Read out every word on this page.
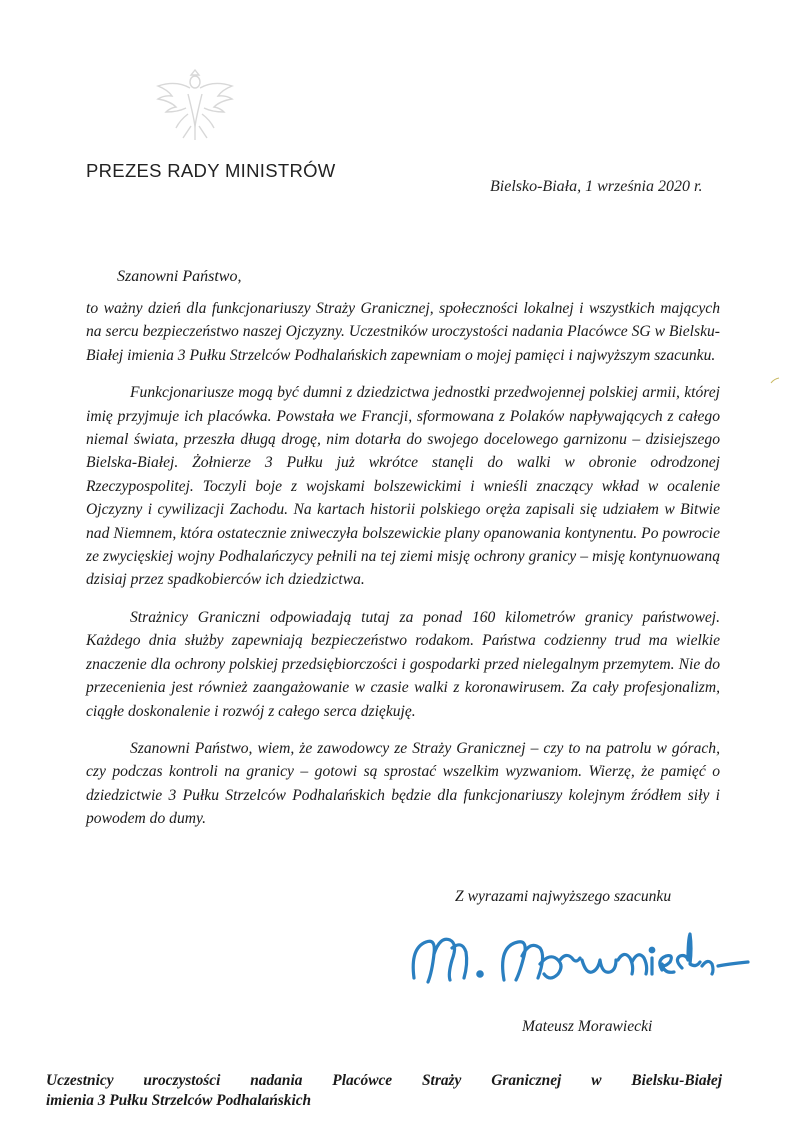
PREZES RADY MINISTRÓW
Bielsko-Biała, 1 września 2020 r.
Szanowni Państwo,

to ważny dzień dla funkcjonariuszy Straży Granicznej, społeczności lokalnej i wszystkich mających na sercu bezpieczeństwo naszej Ojczyzny. Uczestników uroczystości nadania Placówce SG w Bielsku-Białej imienia 3 Pułku Strzelców Podhalańskich zapewniam o mojej pamięci i najwyższym szacunku.

Funkcjonariusze mogą być dumni z dziedzictwa jednostki przedwojennej polskiej armii, której imię przyjmuje ich placówka. Powstała we Francji, sformowana z Polaków napływających z całego niemal świata, przeszła długą drogę, nim dotarła do swojego docelowego garnizonu – dzisiejszego Bielska-Białej. Żołnierze 3 Pułku już wkrótce stanęli do walki w obronie odrodzonej Rzeczypospolitej. Toczyli boje z wojskami bolszewickimi i wnieśli znaczący wkład w ocalenie Ojczyzny i cywilizacji Zachodu. Na kartach historii polskiego oręża zapisali się udziałem w Bitwie nad Niemnem, która ostatecznie zniweczyła bolszewickie plany opanowania kontynentu. Po powrocie ze zwycięskiej wojny Podhalańczycy pełnili na tej ziemi misję ochrony granicy – misję kontynuowaną dzisiaj przez spadkobierców ich dziedzictwa.

Strażnicy Graniczni odpowiadają tutaj za ponad 160 kilometrów granicy państwowej. Każdego dnia służby zapewniają bezpieczeństwo rodakom. Państwa codzienny trud ma wielkie znaczenie dla ochrony polskiej przedsiębiorczości i gospodarki przed nielegalnym przemytem. Nie do przecenienia jest również zaangażowanie w czasie walki z koronawirusem. Za cały profesjonalizm, ciągłe doskonalenie i rozwój z całego serca dziękuję.

Szanowni Państwo, wiem, że zawodowcy ze Straży Granicznej – czy to na patrolu w górach, czy podczas kontroli na granicy – gotowi są sprostać wszelkim wyzwaniom. Wierzę, że pamięć o dziedzictwie 3 Pułku Strzelców Podhalańskich będzie dla funkcjonariuszy kolejnym źródłem siły i powodem do dumy.

Z wyrazami najwyższego szacunku
Mateusz Morawiecki
Uczestnicy uroczystości nadania Placówce Straży Granicznej w Bielsku-Białej
imienia 3 Pułku Strzelców Podhalańskich
